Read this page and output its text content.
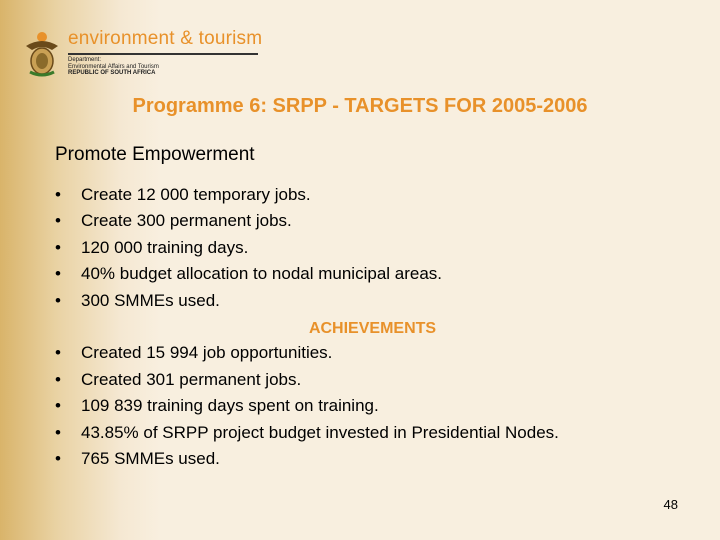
environment & tourism
Department:
Environmental Affairs and Tourism
REPUBLIC OF SOUTH AFRICA
Programme 6: SRPP - TARGETS FOR 2005-2006
Promote Empowerment
•	Create 12 000 temporary jobs.
•	Create 300 permanent jobs.
•	120 000 training days.
•	40% budget allocation to nodal municipal areas.
•	300 SMMEs used.
•	Created 15 994 job opportunities.
•	Created 301 permanent jobs.
•	109 839 training days spent on training.
•	43.85% of SRPP project budget invested in Presidential Nodes.
•	765 SMMEs used.
ACHIEVEMENTS
48
